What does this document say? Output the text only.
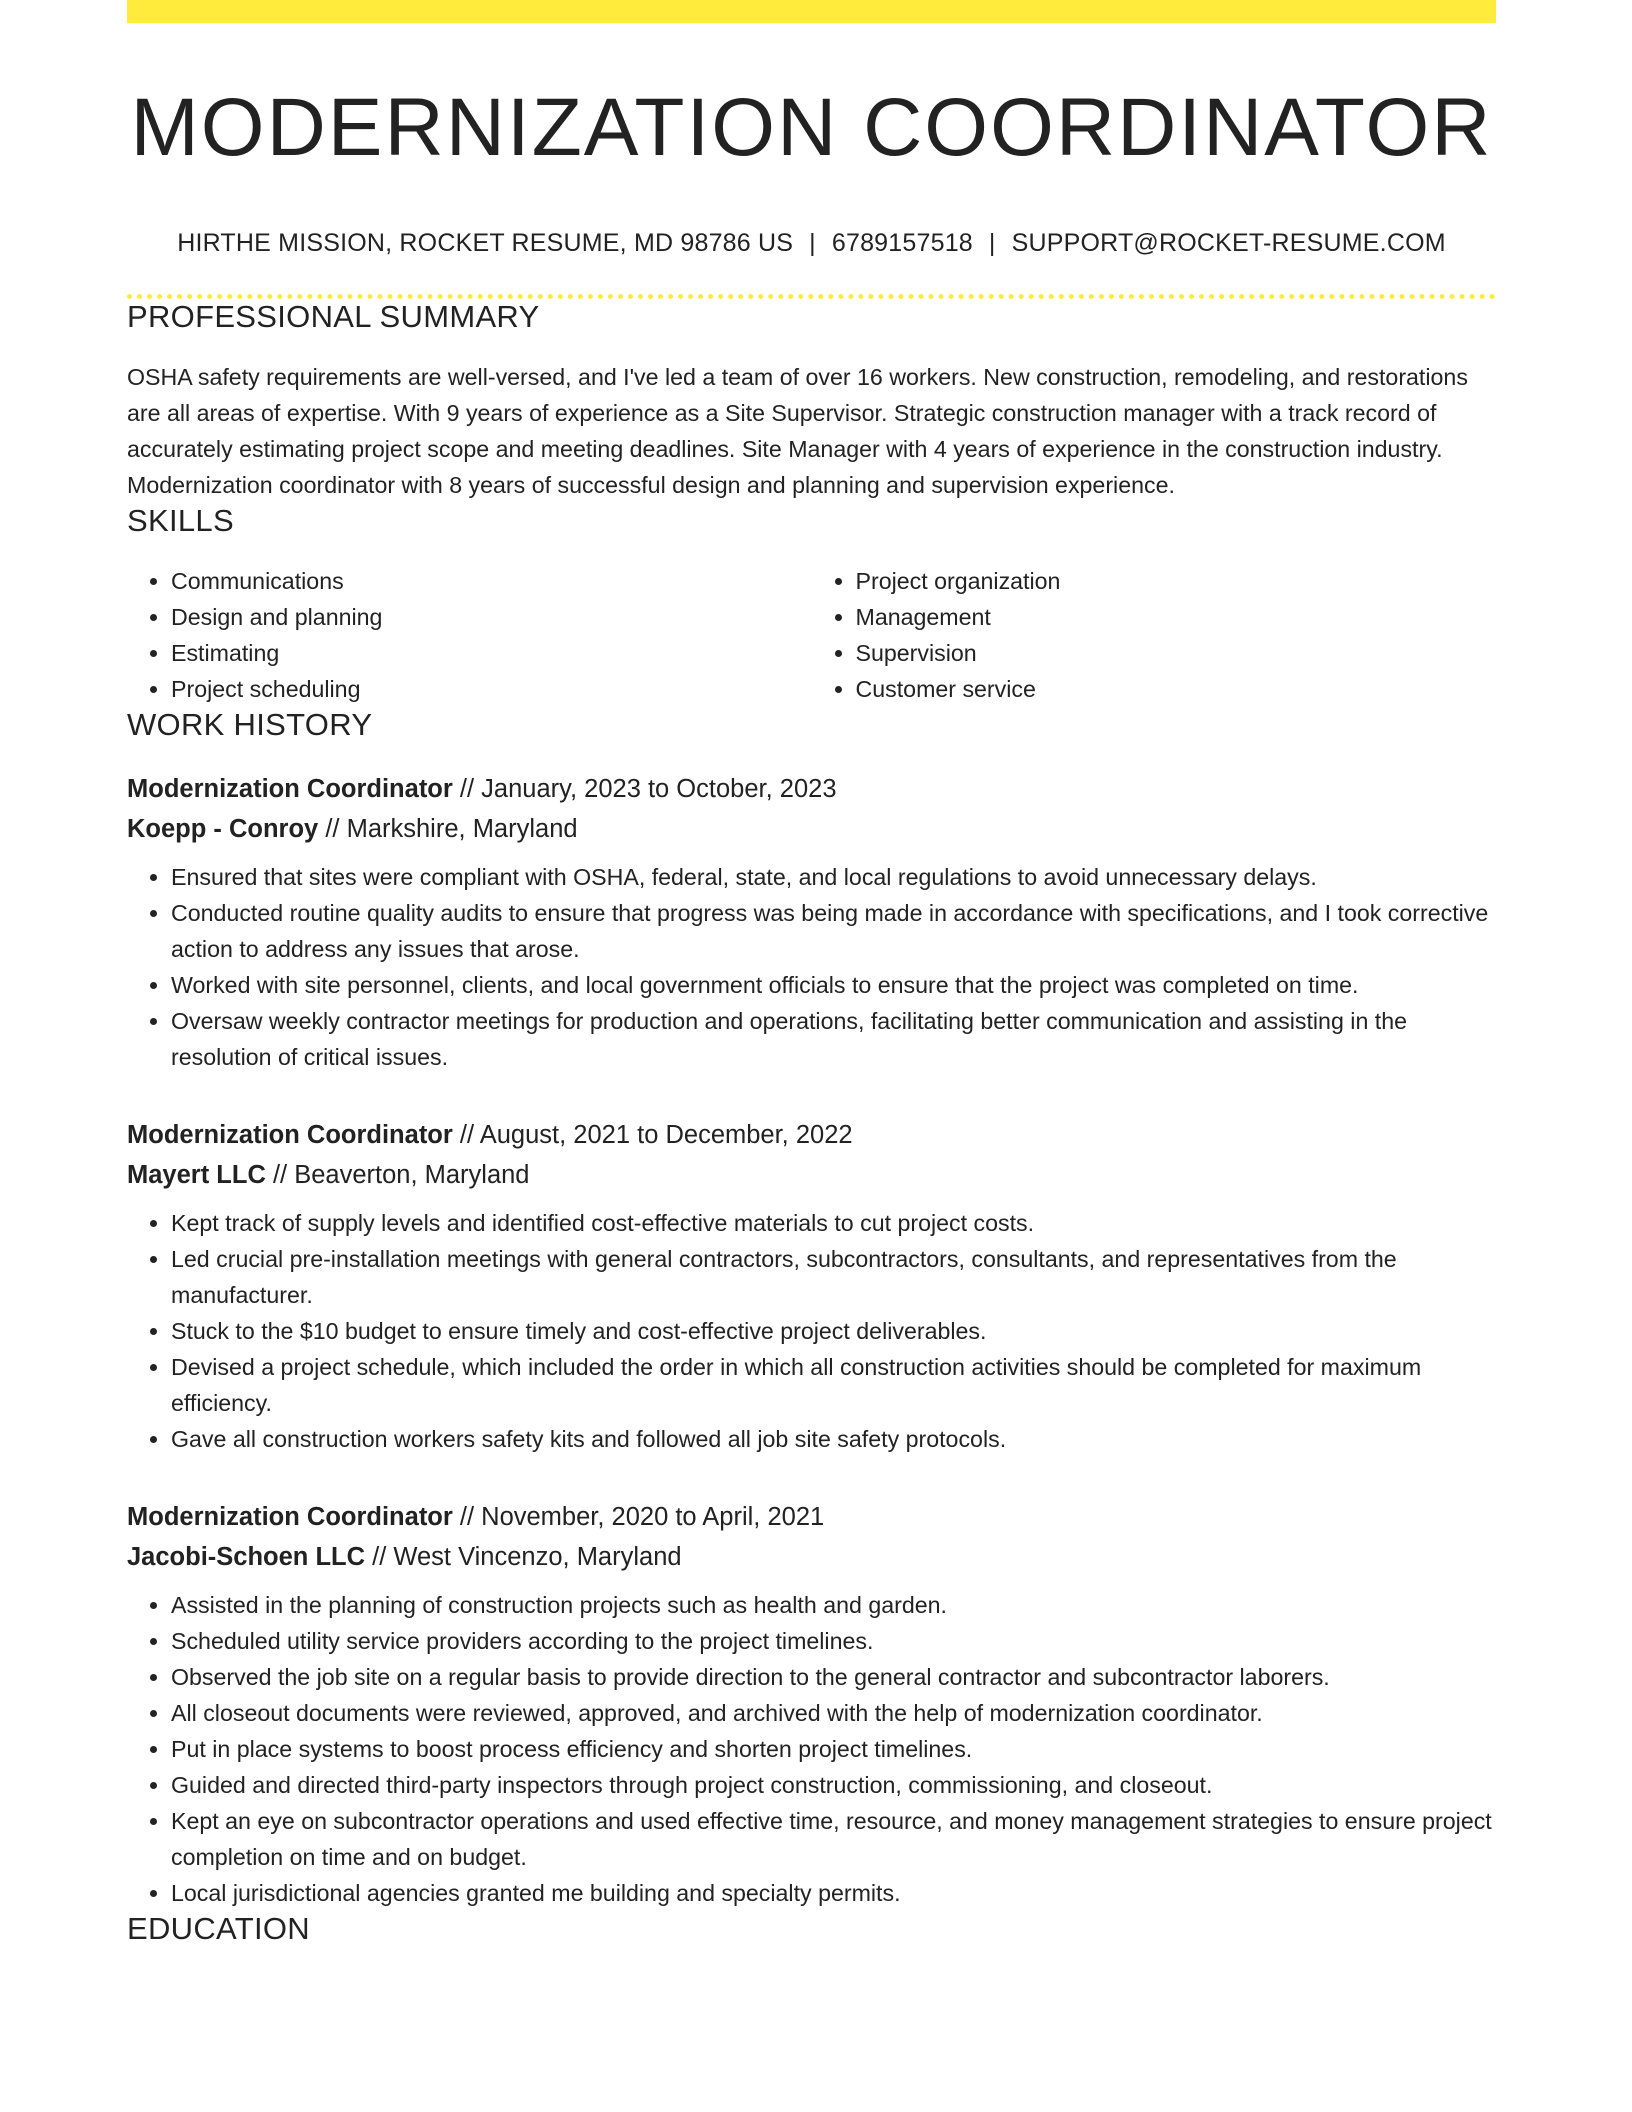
MODERNIZATION COORDINATOR
HIRTHE MISSION, ROCKET RESUME, MD 98786 US | 6789157518 | SUPPORT@ROCKET-RESUME.COM
PROFESSIONAL SUMMARY
OSHA safety requirements are well-versed, and I've led a team of over 16 workers. New construction, remodeling, and restorations are all areas of expertise. With 9 years of experience as a Site Supervisor. Strategic construction manager with a track record of accurately estimating project scope and meeting deadlines. Site Manager with 4 years of experience in the construction industry. Modernization coordinator with 8 years of successful design and planning and supervision experience.
SKILLS
• Communications
• Design and planning
• Estimating
• Project scheduling
• Project organization
• Management
• Supervision
• Customer service
WORK HISTORY
Modernization Coordinator // January, 2023 to October, 2023
Koepp - Conroy // Markshire, Maryland
• Ensured that sites were compliant with OSHA, federal, state, and local regulations to avoid unnecessary delays.
• Conducted routine quality audits to ensure that progress was being made in accordance with specifications, and I took corrective action to address any issues that arose.
• Worked with site personnel, clients, and local government officials to ensure that the project was completed on time.
• Oversaw weekly contractor meetings for production and operations, facilitating better communication and assisting in the resolution of critical issues.
Modernization Coordinator // August, 2021 to December, 2022
Mayert LLC // Beaverton, Maryland
• Kept track of supply levels and identified cost-effective materials to cut project costs.
• Led crucial pre-installation meetings with general contractors, subcontractors, consultants, and representatives from the manufacturer.
• Stuck to the $10 budget to ensure timely and cost-effective project deliverables.
• Devised a project schedule, which included the order in which all construction activities should be completed for maximum efficiency.
• Gave all construction workers safety kits and followed all job site safety protocols.
Modernization Coordinator // November, 2020 to April, 2021
Jacobi-Schoen LLC // West Vincenzo, Maryland
• Assisted in the planning of construction projects such as health and garden.
• Scheduled utility service providers according to the project timelines.
• Observed the job site on a regular basis to provide direction to the general contractor and subcontractor laborers.
• All closeout documents were reviewed, approved, and archived with the help of modernization coordinator.
• Put in place systems to boost process efficiency and shorten project timelines.
• Guided and directed third-party inspectors through project construction, commissioning, and closeout.
• Kept an eye on subcontractor operations and used effective time, resource, and money management strategies to ensure project completion on time and on budget.
• Local jurisdictional agencies granted me building and specialty permits.
EDUCATION
